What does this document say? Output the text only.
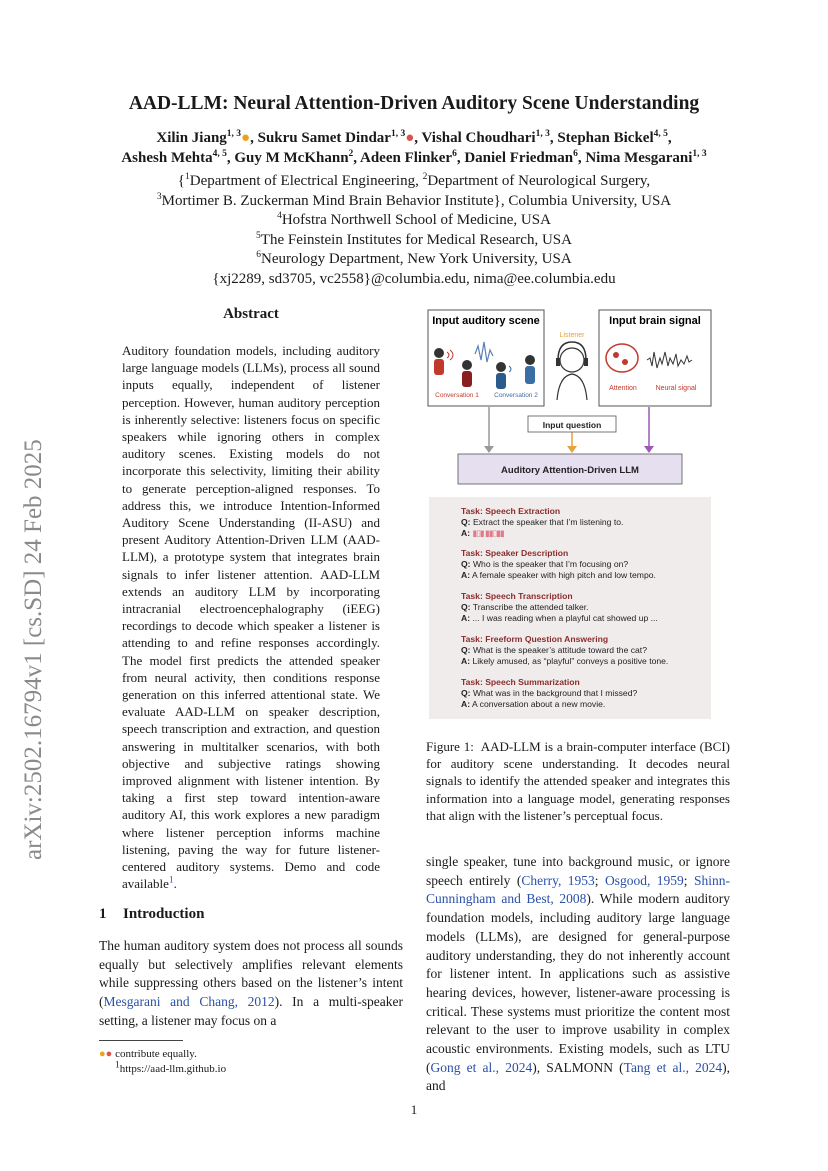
AAD-LLM: Neural Attention-Driven Auditory Scene Understanding
Xilin Jiang$^{1, 3}$●, Sukru Samet Dindar$^{1, 3}$●, Vishal Choudhari$^{1, 3}$, Stephan Bickel$^{4, 5}$,
Ashesh Mehta$^{4, 5}$, Guy M McKhann$^2$, Adeen Flinker$^6$, Daniel Friedman$^6$, Nima Mesgarani$^{1, 3}$
{$^1$Department of Electrical Engineering, $^2$Department of Neurological Surgery,
$^3$Mortimer B. Zuckerman Mind Brain Behavior Institute}, Columbia University, USA
$^4$Hofstra Northwell School of Medicine, USA
$^5$The Feinstein Institutes for Medical Research, USA
$^6$Neurology Department, New York University, USA
{xj2289, sd3705, vc2558}@columbia.edu, nima@ee.columbia.edu
arXiv:2502.16794v1 [cs.SD] 24 Feb 2025
Abstract
Auditory foundation models, including auditory large language models (LLMs), process all sound inputs equally, independent of listener perception. However, human auditory perception is inherently selective: listeners focus on specific speakers while ignoring others in complex auditory scenes. Existing models do not incorporate this selectivity, limiting their ability to generate perception-aligned responses. To address this, we introduce Intention-Informed Auditory Scene Understanding (II-ASU) and present Auditory Attention-Driven LLM (AAD-LLM), a prototype system that integrates brain signals to infer listener attention. AAD-LLM extends an auditory LLM by incorporating intracranial electroencephalography (iEEG) recordings to decode which speaker a listener is attending to and refine responses accordingly. The model first predicts the attended speaker from neural activity, then conditions response generation on this inferred attentional state. We evaluate AAD-LLM on speaker description, speech transcription and extraction, and question answering in multitalker scenarios, with both objective and subjective ratings showing improved alignment with listener intention. By taking a first step toward intention-aware auditory AI, this work explores a new paradigm where listener perception informs machine listening, paving the way for future listener-centered auditory systems. Demo and code available$^1$.
1 Introduction
The human auditory system does not process all sounds equally but selectively amplifies relevant elements while suppressing others based on the listener’s intent (Mesgarani and Chang, 2012). In a multi-speaker setting, a listener may focus on a
●● contribute equally.
$^1$https://aad-llm.github.io
Input auditory scene	Input brain signal
Conversation 1 Conversation 2
Listener
Attention	Neural signal
Input question
Auditory Attention-Driven LLM
Task: Speech Extraction
Q: Extract the speaker that I’m listening to.
A: ▮▯▮ ▮▮▯▮▮
Task: Speaker Description
Q: Who is the speaker that I’m focusing on?
A: A female speaker with high pitch and low tempo.
Task: Speech Transcription
Q: Transcribe the attended talker.
A: ... I was reading when a playful cat showed up ...
Task: Freeform Question Answering
Q: What is the speaker’s attitude toward the cat?
A: Likely amused, as “playful” conveys a positive tone.
Task: Speech Summarization
Q: What was in the background that I missed?
A: A conversation about a new movie.
Figure 1: AAD-LLM is a brain-computer interface (BCI) for auditory scene understanding. It decodes neural signals to identify the attended speaker and integrates this information into a language model, generating responses that align with the listener’s perceptual focus.
single speaker, tune into background music, or ignore speech entirely (Cherry, 1953; Osgood, 1959; Shinn-Cunningham and Best, 2008). While modern auditory foundation models, including auditory large language models (LLMs), are designed for general-purpose auditory understanding, they do not inherently account for listener intent. In applications such as assistive hearing devices, however, listener-aware processing is critical. These systems must prioritize the content most relevant to the user to improve usability in complex acoustic environments. Existing models, such as LTU (Gong et al., 2024), SALMONN (Tang et al., 2024), and
1
